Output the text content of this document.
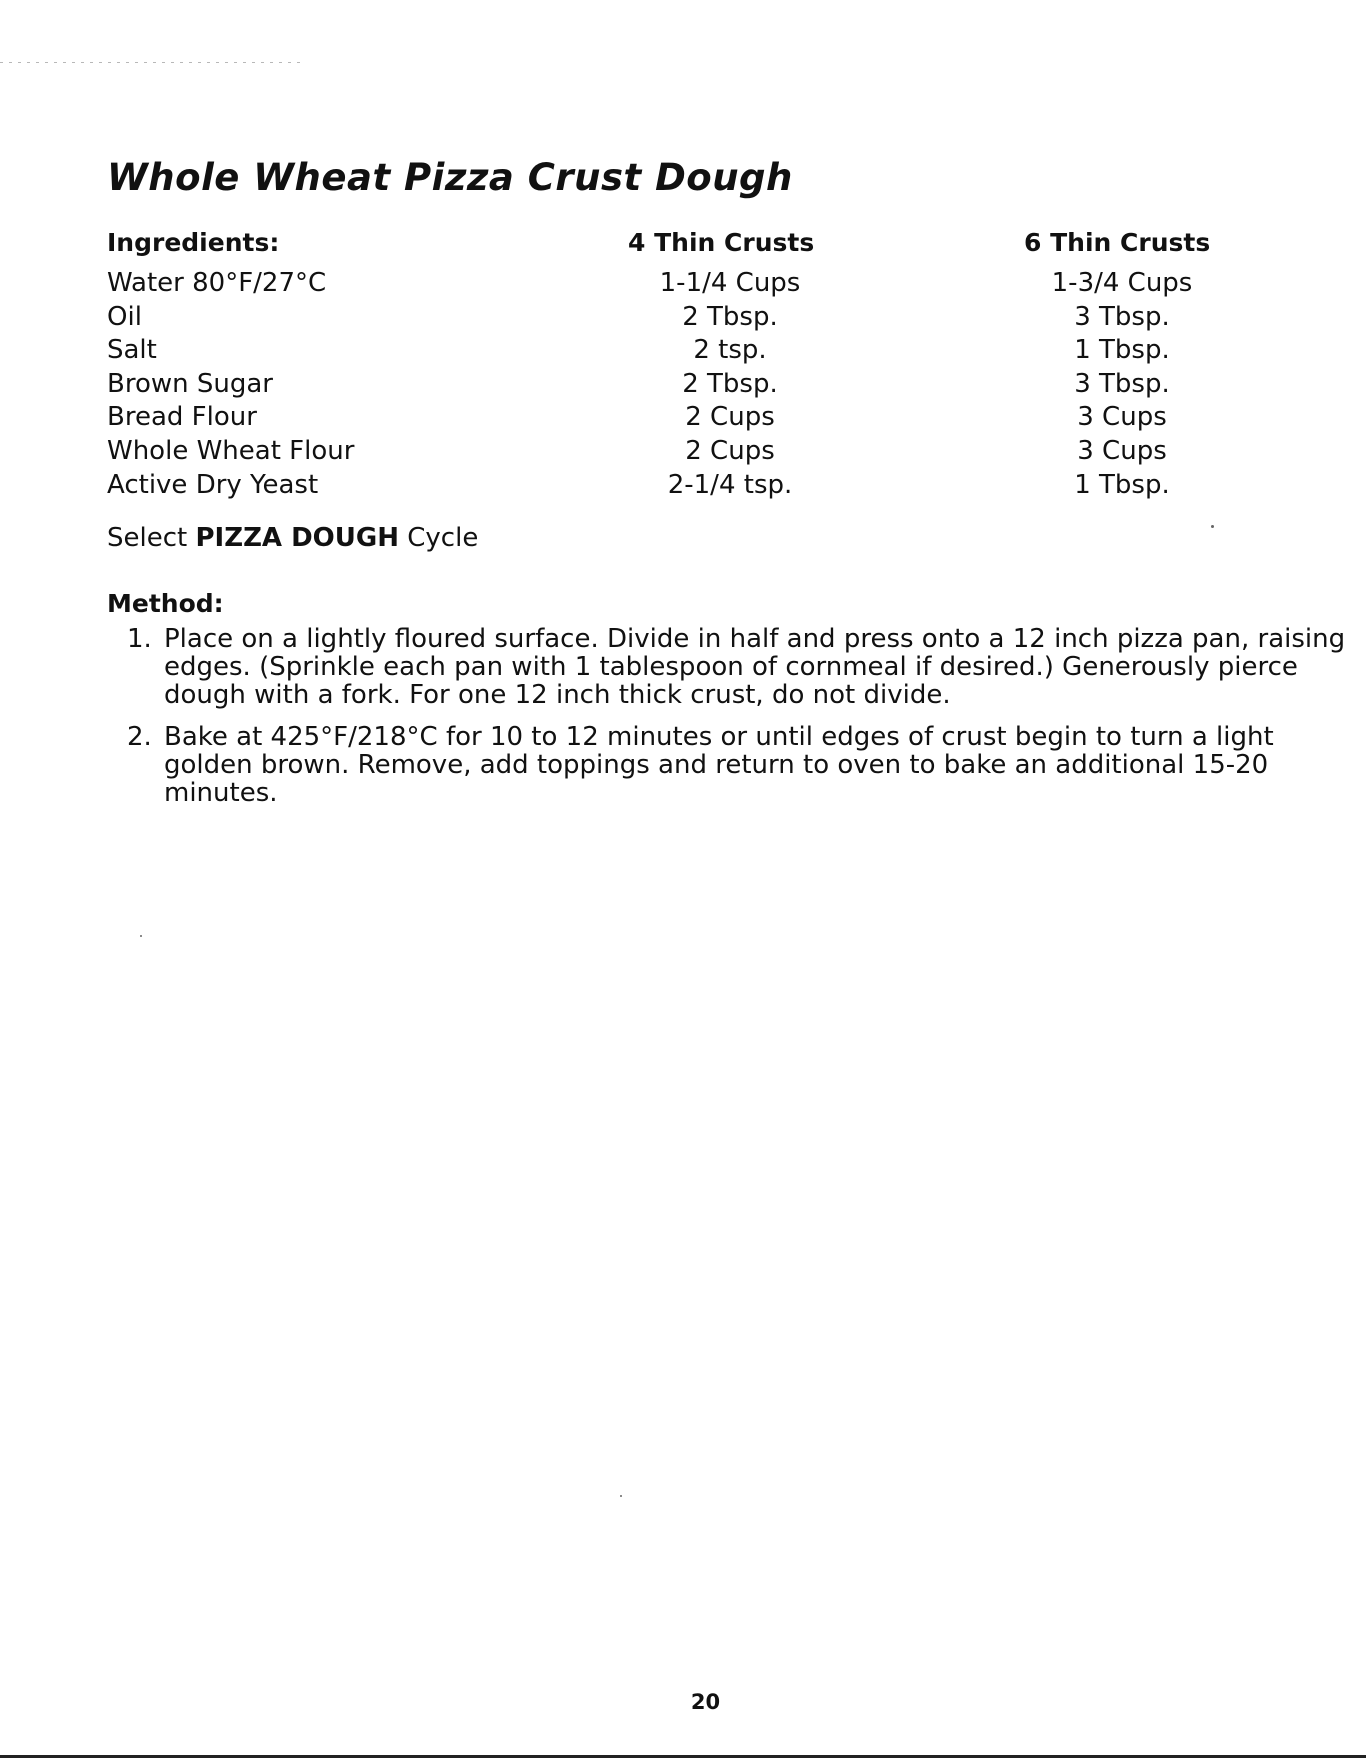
Whole Wheat Pizza Crust Dough
Ingredients:	4 Thin Crusts	6 Thin Crusts
Water 80°F/27°C	1-1/4 Cups	1-3/4 Cups
Oil	2 Tbsp.	3 Tbsp.
Salt	2 tsp.	1 Tbsp.
Brown Sugar	2 Tbsp.	3 Tbsp.
Bread Flour	2 Cups	3 Cups
Whole Wheat Flour	2 Cups	3 Cups
Active Dry Yeast	2-1/4 tsp.	1 Tbsp.
Select PIZZA DOUGH Cycle
Method:
1. Place on a lightly floured surface. Divide in half and press onto a 12 inch pizza pan, raising edges. (Sprinkle each pan with 1 tablespoon of cornmeal if desired.) Generously pierce dough with a fork. For one 12 inch thick crust, do not divide.
2. Bake at 425°F/218°C for 10 to 12 minutes or until edges of crust begin to turn a light golden brown. Remove, add toppings and return to oven to bake an additional 15-20 minutes.
20
